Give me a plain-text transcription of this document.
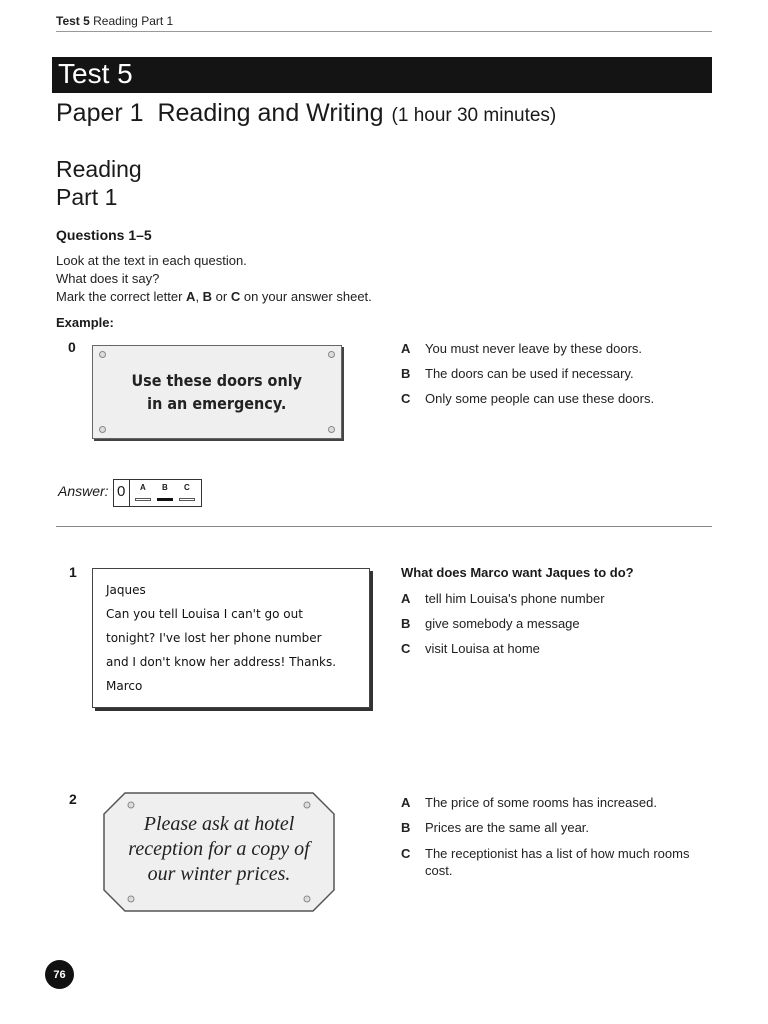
Test 5 Reading Part 1
Test 5
Paper 1  Reading and Writing (1 hour 30 minutes)
Reading
Part 1
Questions 1–5
Look at the text in each question.
What does it say?
Mark the correct letter A, B or C on your answer sheet.
Example:
0
Use these doors only
in an emergency.
A You must never leave by these doors.
B The doors can be used if necessary.
C Only some people can use these doors.
Answer: 0 A B C
1
Jaques
Can you tell Louisa I can't go out
tonight? I've lost her phone number
and I don't know her address! Thanks.
Marco
What does Marco want Jaques to do?
A tell him Louisa's phone number
B give somebody a message
C visit Louisa at home
2
Please ask at hotel
reception for a copy of
our winter prices.
A The price of some rooms has increased.
B Prices are the same all year.
C The receptionist has a list of how much rooms cost.
76
